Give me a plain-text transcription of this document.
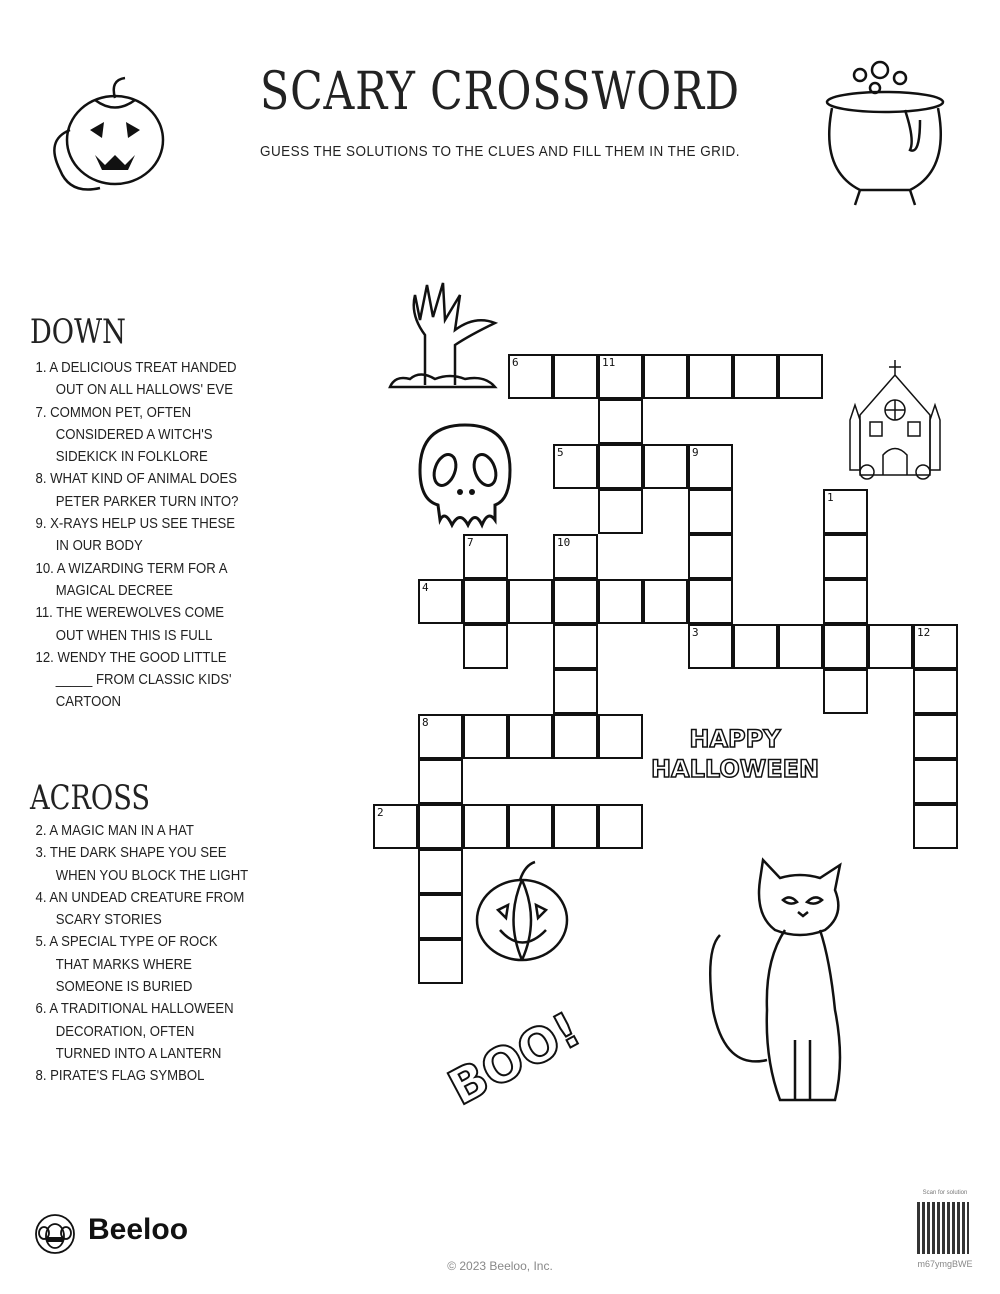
SCARY CROSSWORD
GUESS THE SOLUTIONS TO THE CLUES AND FILL THEM IN THE GRID.
DOWN
1. A DELICIOUS TREAT HANDED OUT ON ALL HALLOWS' EVE
7. COMMON PET, OFTEN CONSIDERED A WITCH'S SIDEKICK IN FOLKLORE
8. WHAT KIND OF ANIMAL DOES PETER PARKER TURN INTO?
9. X-RAYS HELP US SEE THESE IN OUR BODY
10. A WIZARDING TERM FOR A MAGICAL DECREE
11. THE WEREWOLVES COME OUT WHEN THIS IS FULL
12. WENDY THE GOOD LITTLE _____ FROM CLASSIC KIDS' CARTOON
ACROSS
2. A MAGIC MAN IN A HAT
3. THE DARK SHAPE YOU SEE WHEN YOU BLOCK THE LIGHT
4. AN UNDEAD CREATURE FROM SCARY STORIES
5. A SPECIAL TYPE OF ROCK THAT MARKS WHERE SOMEONE IS BURIED
6. A TRADITIONAL HALLOWEEN DECORATION, OFTEN TURNED INTO A LANTERN
8. PIRATE'S FLAG SYMBOL
1
2
3
4
5
6
7
8
9
10
11
12
HAPPY HALLOWEEN
BOO!
Beeloo
© 2023 Beeloo, Inc.
Scan for solution
m67ymgBWE
